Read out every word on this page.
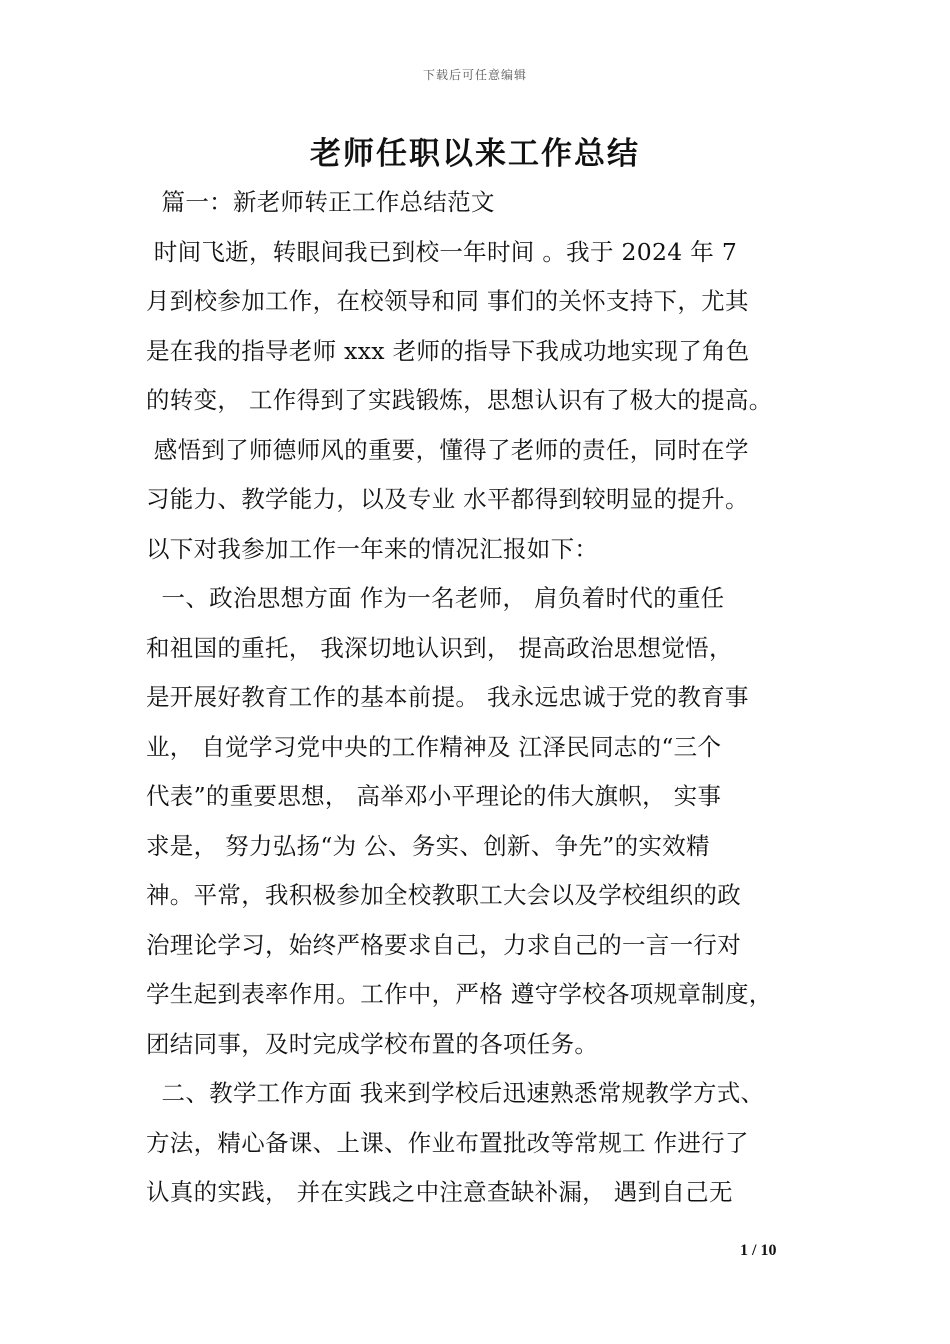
下载后可任意编辑
老师任职以来工作总结
篇一：新老师转正工作总结范文
时间飞逝，转眼间我已到校一年时间 。我于 2024 年 7
月到校参加工作，在校领导和同 事们的关怀支持下，尤其
是在我的指导老师 xxx 老师的指导下我成功地实现了角色
的转变， 工作得到了实践锻炼，思想认识有了极大的提高。
感悟到了师德师风的重要，懂得了老师的责任，同时在学
习能力、教学能力，以及专业 水平都得到较明显的提升。
以下对我参加工作一年来的情况汇报如下：
一、政治思想方面 作为一名老师， 肩负着时代的重任
和祖国的重托， 我深切地认识到， 提高政治思想觉悟，
是开展好教育工作的基本前提。 我永远忠诚于党的教育事
业， 自觉学习党中央的工作精神及 江泽民同志的“三个
代表”的重要思想， 高举邓小平理论的伟大旗帜， 实事
求是， 努力弘扬“为 公、务实、创新、争先”的实效精
神。平常，我积极参加全校教职工大会以及学校组织的政
治理论学习，始终严格要求自己，力求自己的一言一行对
学生起到表率作用。工作中，严格 遵守学校各项规章制度，
团结同事，及时完成学校布置的各项任务。
二、教学工作方面 我来到学校后迅速熟悉常规教学方式、
方法，精心备课、上课、作业布置批改等常规工 作进行了
认真的实践， 并在实践之中注意查缺补漏， 遇到自己无
1 / 10
